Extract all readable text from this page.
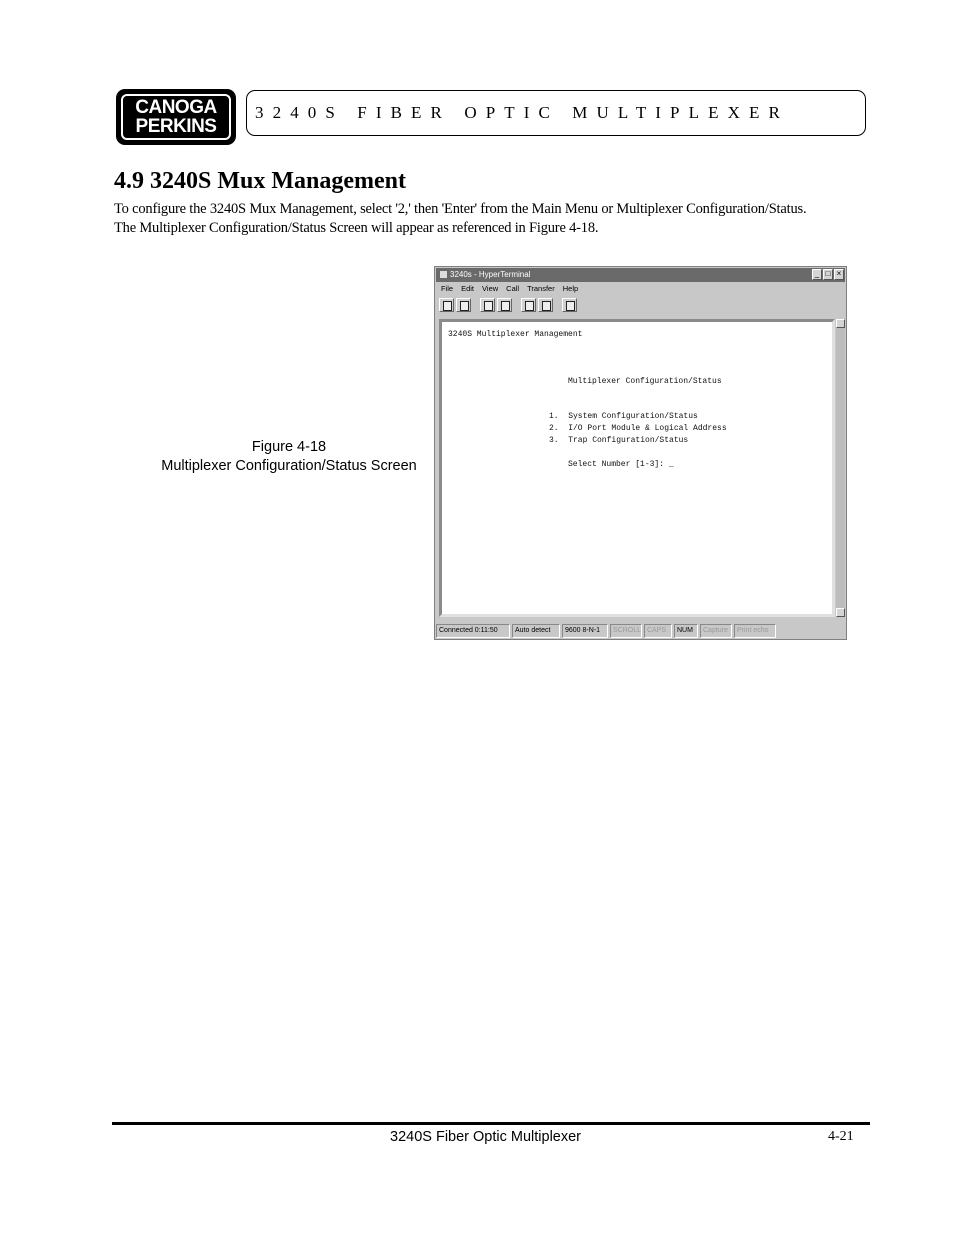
CANOGA
PERKINS
3240S FIBER OPTIC MULTIPLEXER
4.9 3240S Mux Management
To configure the 3240S Mux Management, select '2,' then 'Enter' from the Main Menu or Multiplexer Configuration/Status.
The Multiplexer Configuration/Status Screen will appear as referenced in Figure 4-18.
Figure 4-18
Multiplexer Configuration/Status Screen
3240s - HyperTerminal	_ □ ×
File Edit View Call Transfer Help
3240S Multiplexer Management
Multiplexer Configuration/Status
1.  System Configuration/Status
2.  I/O Port Module & Logical Address
3.  Trap Configuration/Status
Select Number [1-3]: _
Connected 0:11:50	Auto detect	9600 8-N-1	SCROLL CAPS	NUM	Capture	Print echo
3240S Fiber Optic Multiplexer	4-21
